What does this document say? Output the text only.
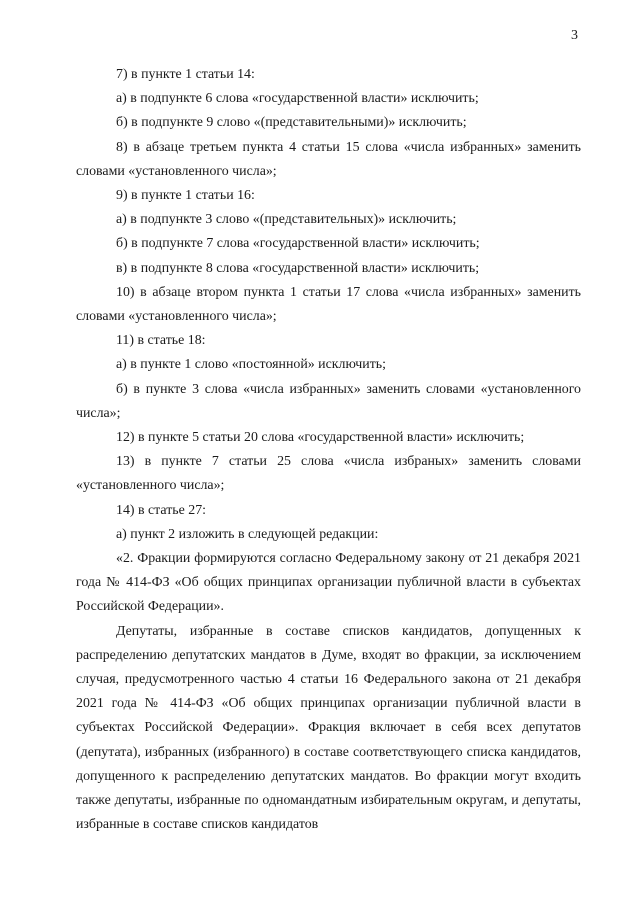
3

7) в пункте 1 статьи 14:

а) в подпункте 6 слова «государственной власти» исключить;

б) в подпункте 9 слово «(представительными)» исключить;

8) в абзаце третьем пункта 4 статьи 15 слова «числа избранных» заменить словами «установленного числа»;

9) в пункте 1 статьи 16:

а) в подпункте 3 слово «(представительных)» исключить;

б) в подпункте 7 слова «государственной власти» исключить;

в) в подпункте 8 слова «государственной власти» исключить;

10) в абзаце втором пункта 1 статьи 17 слова «числа избранных» заменить словами «установленного числа»;

11) в статье 18:

а) в пункте 1 слово «постоянной» исключить;

б) в пункте 3 слова «числа избранных» заменить словами «установленного числа»;

12) в пункте 5 статьи 20 слова «государственной власти» исключить;

13) в пункте 7 статьи 25 слова «числа избраных» заменить словами «установленного числа»;

14) в статье 27:

а) пункт 2 изложить в следующей редакции:

«2. Фракции формируются согласно Федеральному закону от 21 декабря 2021 года № 414-ФЗ «Об общих принципах организации публичной власти в субъектах Российской Федерации».

Депутаты, избранные в составе списков кандидатов, допущенных к распределению депутатских мандатов в Думе, входят во фракции, за исключением случая, предусмотренного частью 4 статьи 16 Федерального закона от 21 декабря 2021 года № 414-ФЗ «Об общих принципах организации публичной власти в субъектах Российской Федерации». Фракция включает в себя всех депутатов (депутата), избранных (избранного) в составе соответствующего списка кандидатов, допущенного к распределению депутатских мандатов. Во фракции могут входить также депутаты, избранные по одномандатным избирательным округам, и депутаты, избранные в составе списков кандидатов
